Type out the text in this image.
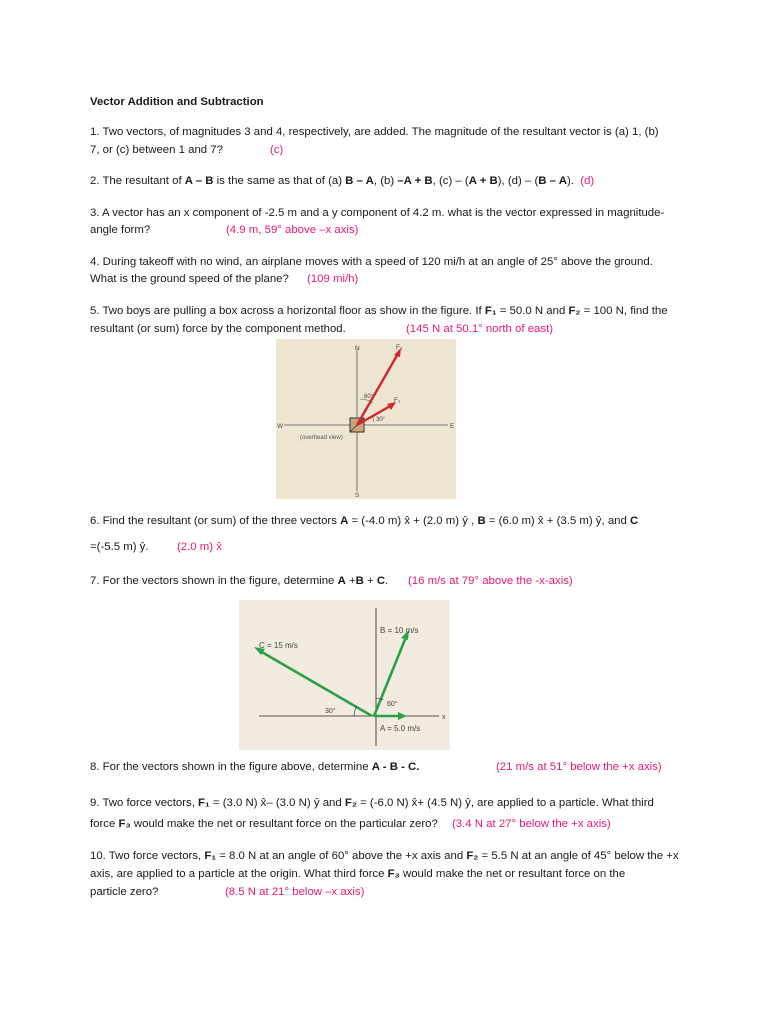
Vector Addition and Subtraction
1. Two vectors, of magnitudes 3 and 4, respectively, are added. The magnitude of the resultant vector is (a) 1, (b)
7, or (c) between 1 and 7?	(c)
2. The resultant of A – B is the same as that of (a) B – A, (b) –A + B, (c) – (A + B), (d) – (B – A). (d)
3. A vector has an x component of -2.5 m and a y component of 4.2 m. what is the vector expressed in magnitude-
angle form?	(4.9 m, 59° above –x axis)
4. During takeoff with no wind, an airplane moves with a speed of 120 mi/h at an angle of 25° above the ground.
What is the ground speed of the plane? (109 mi/h)
5. Two boys are pulling a box across a horizontal floor as show in the figure. If F₁ = 50.0 N and F₂ = 100 N, find the
resultant (or sum) force by the component method.	(145 N at 50.1° north of east)
N
S
E
W
F₂
F₁
60°
30°
(overhead view)
6. Find the resultant (or sum) of the three vectors A = (-4.0 m) x̂ + (2.0 m) ŷ , B = (6.0 m) x̂ + (3.5 m) ŷ, and C
=(-5.5 m) ŷ. (2.0 m) x̂
7. For the vectors shown in the figure, determine A +B + C. (16 m/s at 79° above the -x-axis)
B = 10 m/s
C = 15 m/s
A = 5.0 m/s
60°
30°
x
8. For the vectors shown in the figure above, determine A - B - C.	(21 m/s at 51° below the +x axis)
9. Two force vectors, F₁ = (3.0 N) x̂– (3.0 N) ŷ and F₂ = (-6.0 N) x̂+ (4.5 N) ŷ, are applied to a particle. What third
force F₃ would make the net or resultant force on the particular zero? (3.4 N at 27° below the +x axis)
10. Two force vectors, F₁ = 8.0 N at an angle of 60° above the +x axis and F₂ = 5.5 N at an angle of 45° below the +x
axis, are applied to a particle at the origin. What third force F₃ would make the net or resultant force on the
particle zero?	(8.5 N at 21° below –x axis)
